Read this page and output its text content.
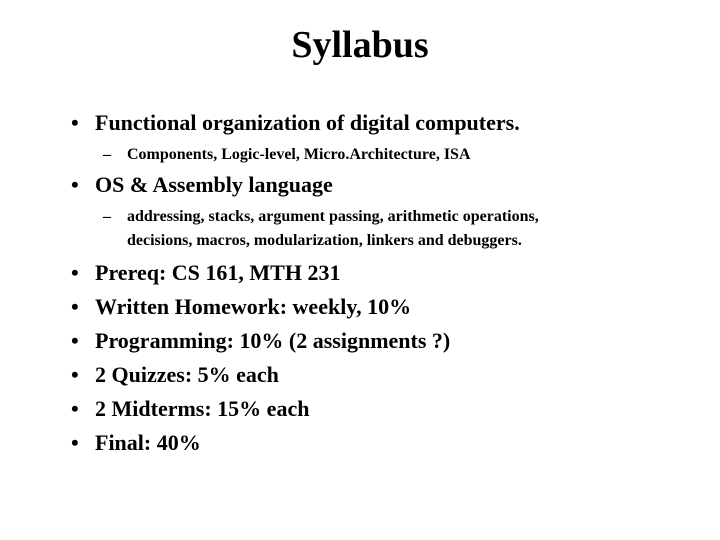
Syllabus
• Functional organization of digital computers.
– Components, Logic-level, Micro.Architecture, ISA
• OS & Assembly language
– addressing, stacks, argument passing, arithmetic operations,
decisions, macros, modularization, linkers and debuggers.
• Prereq: CS 161, MTH 231
• Written Homework: weekly, 10%
• Programming: 10% (2 assignments ?)
• 2 Quizzes: 5% each
• 2 Midterms: 15% each
• Final: 40%
